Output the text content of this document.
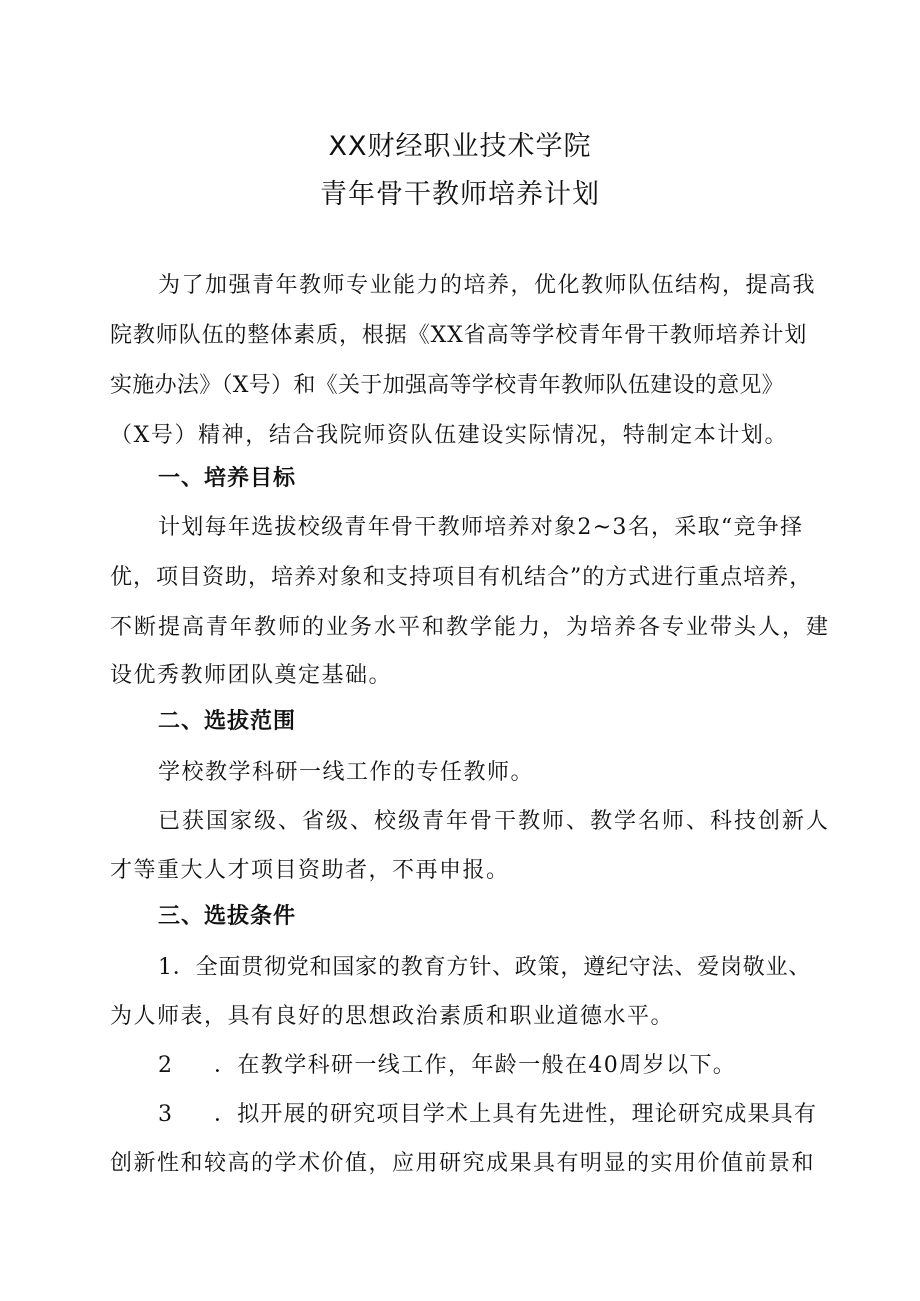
XX财经职业技术学院
青年骨干教师培养计划
为了加强青年教师专业能力的培养，优化教师队伍结构，提高我
院教师队伍的整体素质，根据《XX省高等学校青年骨干教师培养计划
实施办法》（X号）和《关于加强高等学校青年教师队伍建设的意见》
（X号）精神，结合我院师资队伍建设实际情况，特制定本计划。
一、培养目标
计划每年选拔校级青年骨干教师培养对象2~3名，采取“竞争择
优，项目资助，培养对象和支持项目有机结合”的方式进行重点培养，
不断提高青年教师的业务水平和教学能力，为培养各专业带头人，建
设优秀教师团队奠定基础。
二、选拔范围
学校教学科研一线工作的专任教师。
已获国家级、省级、校级青年骨干教师、教学名师、科技创新人
才等重大人才项目资助者，不再申报。
三、选拔条件
1．全面贯彻党和国家的教育方针、政策，遵纪守法、爱岗敬业、
为人师表，具有良好的思想政治素质和职业道德水平。
2 ．在教学科研一线工作，年龄一般在40周岁以下。
3 ．拟开展的研究项目学术上具有先进性，理论研究成果具有
创新性和较高的学术价值，应用研究成果具有明显的实用价值前景和
